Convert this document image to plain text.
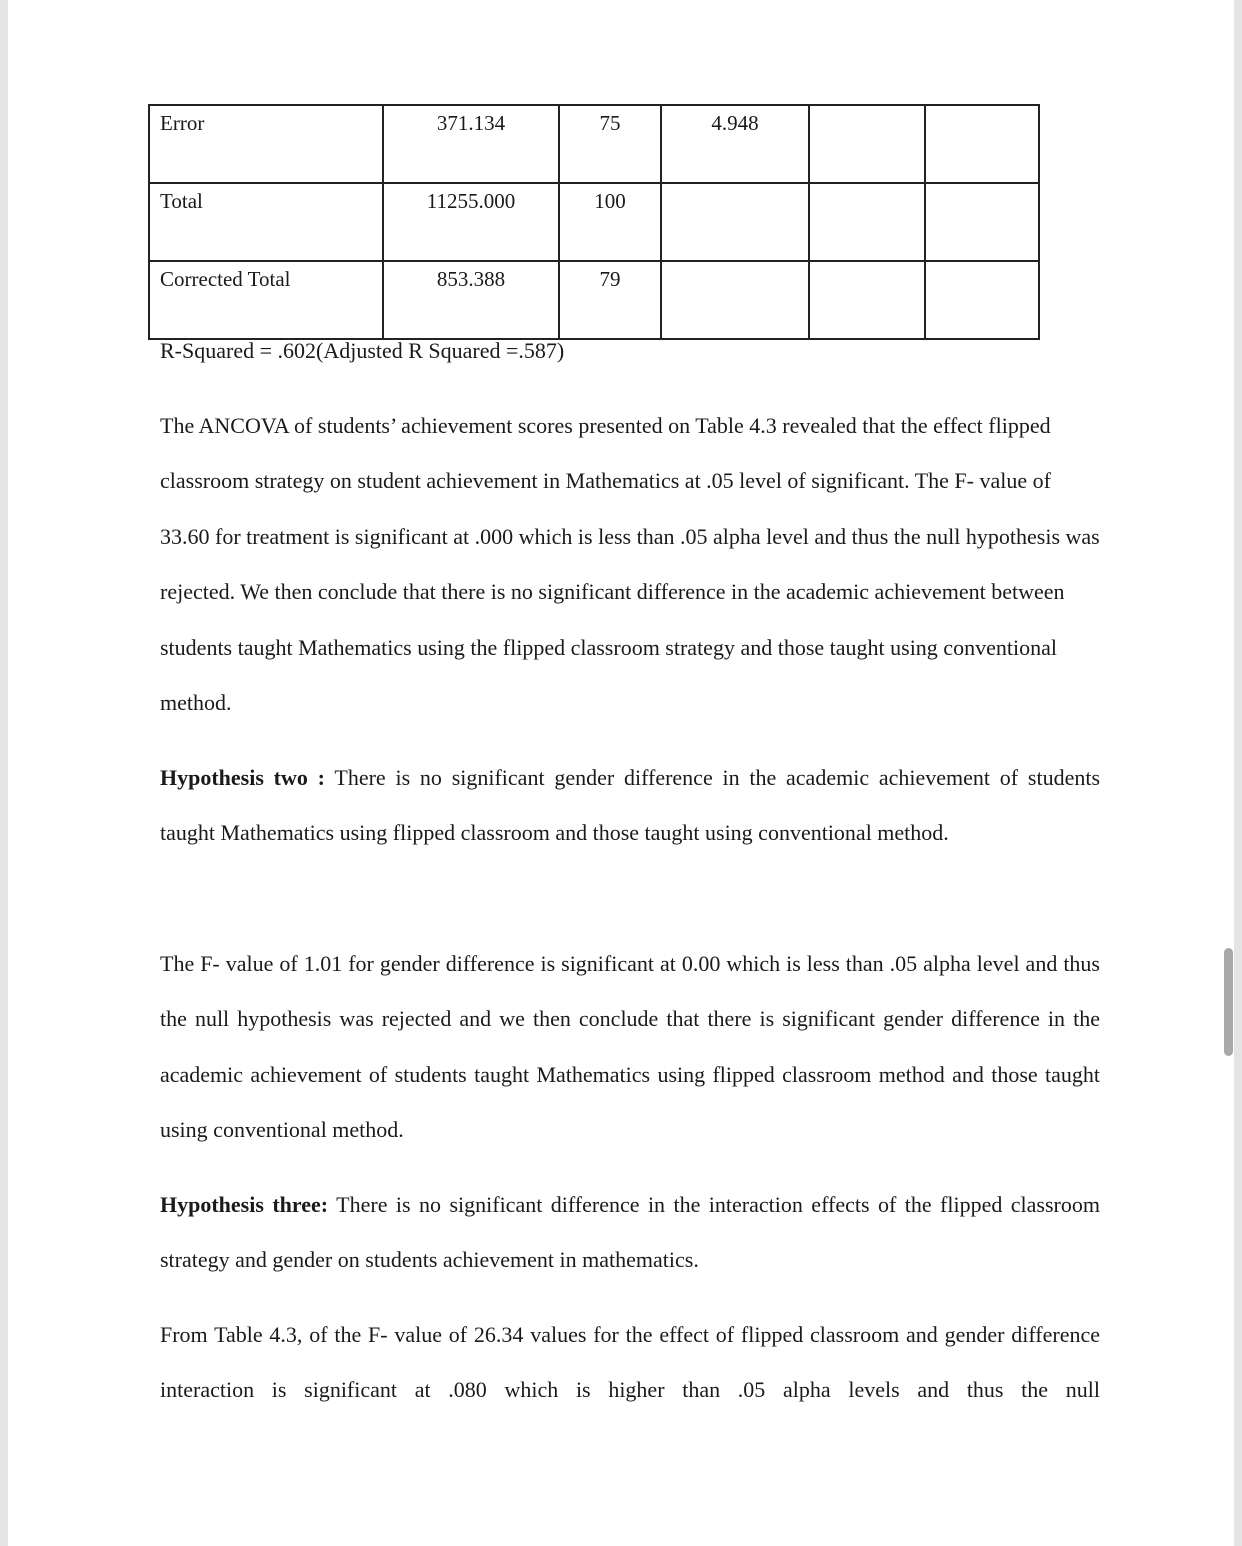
Error	371.134	75	4.948		
Total	11255.000	100			
Corrected Total	853.388	79			

R-Squared = .602(Adjusted R Squared =.587)

The ANCOVA of students’ achievement scores presented on Table 4.3 revealed that the effect flipped classroom strategy on student achievement in Mathematics at .05 level of significant. The F- value of 33.60 for treatment is significant at .000 which is less than .05 alpha level and thus the null hypothesis was rejected. We then conclude that there is no significant difference in the academic achievement between students taught Mathematics using the flipped classroom strategy and those taught using conventional method.

Hypothesis two : There is no significant gender difference in the academic achievement of students taught Mathematics using flipped classroom and those taught using conventional method.

The F- value of 1.01 for gender difference is significant at 0.00 which is less than .05 alpha level and thus the null hypothesis was rejected and we then conclude that there is significant gender difference in the academic achievement of students taught Mathematics using flipped classroom method and those taught using conventional method.

Hypothesis three: There is no significant difference in the interaction effects of the flipped classroom strategy and gender on students achievement in mathematics.

From Table 4.3, of the F- value of 26.34 values for the effect of flipped classroom and gender difference interaction is significant at .080 which is higher than .05 alpha levels and thus the null
